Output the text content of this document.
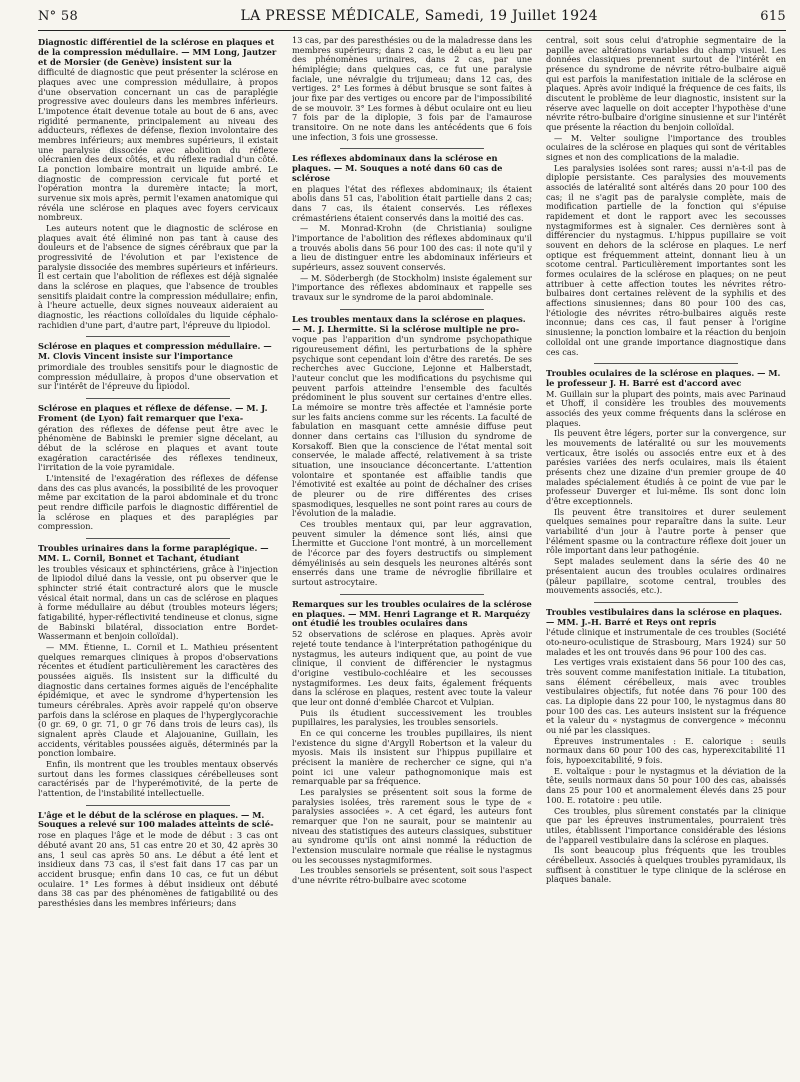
N° 58	LA PRESSE MÉDICALE, Samedi, 19 Juillet 1924	615
Diagnostic différentiel de la sclérose en plaques et de la compression médullaire. — MM Long, Jautzer et de Morsier (de Genève) insistent sur la

difficulté de diagnostic que peut présenter la sclérose en plaques avec une compression médullaire, à propos d'une observation concernant un cas de paraplégie progressive avec douleurs dans les membres inférieurs. L'impotence était devenue totale au bout de 6 ans, avec rigidité permanente, principalement au niveau des adducteurs, réflexes de défense, flexion involontaire des membres inférieurs; aux membres supérieurs, il existait une paralysie dissociée avec abolition du réflexe olécranien des deux côtés, et du réflexe radial d'un côté. La ponction lombaire montrait un liquide ambré. Le diagnostic de compression cervicale fut porté et l'opération montra la duremère intacte; la mort, survenue six mois après, permit l'examen anatomique qui révéla une sclérose en plaques avec foyers cervicaux nombreux.

Les auteurs notent que le diagnostic de sclérose en plaques avait été éliminé non pas tant à cause des douleurs et de l'absence de signes cérébraux que par la progressivité de l'évolution et par l'existence de paralysie dissociée des membres supérieurs et inférieurs. Il est certain que l'abolition de réflexes est déjà signalée dans la sclérose en plaques, que l'absence de troubles sensitifs plaidait contre la compression médullaire; enfin, à l'heure actuelle, deux signes nouveaux aideraient au diagnostic, les réactions colloïdales du liquide céphalo-rachidien d'une part, d'autre part, l'épreuve du lipiodol.

Sclérose en plaques et compression médullaire. — M. Clovis Vincent insiste sur l'importance

primordiale des troubles sensitifs pour le diagnostic de compression médullaire, à propos d'une observation et sur l'intérêt de l'épreuve du lipiodol.

Sclérose en plaques et réflexe de défense. — M. J. Froment (de Lyon) fait remarquer que l'exa-

gération des réflexes de défense peut être avec le phénomène de Babinski le premier signe décelant, au début de la sclérose en plaques et avant toute exagération caractérisée des réflexes tendineux, l'irritation de la voie pyramidale.

L'intensité de l'exagération des réflexes de défense dans des cas plus avancés, la possibilité de les provoquer même par excitation de la paroi abdominale et du tronc peut rendre difficile parfois le diagnostic différentiel de la sclérose en plaques et des paraplégies par compression.

Troubles urinaires dans la forme paraplégique. — MM. L. Cornil, Bonnet et Tachant, étudiant

les troubles vésicaux et sphinctériens, grâce à l'injection de lipiodol dilué dans la vessie, ont pu observer que le sphincter strié était contracturé alors que le muscle vésical était normal, dans un cas de sclérose en plaques à forme médullaire au début (troubles moteurs légers; fatigabilité, hyper-réflectivité tendineuse et clonus, signe de Babinski bilatéral, dissociation entre Bordet-Wassermann et benjoin colloïdal).

— MM. Étienne, L. Cornil et L. Mathieu présentent quelques remarques cliniques à propos d'observations récentes et étudient particulièrement les caractères des poussées aiguës. Ils insistent sur la difficulté du diagnostic dans certaines formes aiguës de l'encéphalite épidémique, et avec le syndrome d'hypertension les tumeurs cérébrales. Après avoir rappelé qu'on observe parfois dans la sclérose en plaques de l'hyperglycorachie (0 gr. 69, 0 gr. 71, 0 gr 76 dans trois de leurs cas), ils signalent après Claude et Alajouanine, Guillain, les accidents, véritables poussées aiguës, déterminés par la ponction lombaire.

Enfin, ils montrent que les troubles mentaux observés surtout dans les formes classiques cérébelleuses sont caractérisés par de l'hyperémotivité, de la perte de l'attention, de l'instabilité intellectuelle.

L'âge et le début de la sclérose en plaques. — M. Souques a relevé sur 100 malades atteints de sclé-

rose en plaques l'âge et le mode de début : 3 cas ont débuté avant 20 ans, 51 cas entre 20 et 30, 42 après 30 ans, 1 seul cas après 50 ans. Le début a été lent et insidieux dans 73 cas, il s'est fait dans 17 cas par un accident brusque; enfin dans 10 cas, ce fut un début oculaire. 1° Les formes à début insidieux ont débuté dans 38 cas par des phénomènes de fatigabilité ou des paresthésies dans les membres inférieurs; dans

13 cas, par des paresthésies ou de la maladresse dans les membres supérieurs; dans 2 cas, le début a eu lieu par des phénomènes urinaires, dans 2 cas, par une hémiplégie; dans quelques cas, ce fut une paralysie faciale, une névralgie du trijumeau; dans 12 cas, des vertiges. 2° Les formes à début brusque se sont faites à jour fixe par des vertiges ou encore par de l'impossibilité de se mouvoir. 3° Les formes à début oculaire ont eu lieu 7 fois par de la diplopie, 3 fois par de l'amaurose transitoire. On ne note dans les antécédents que 6 fois une infection, 3 fois une grossesse.

Les réflexes abdominaux dans la sclérose en plaques. — M. Souques a noté dans 60 cas de sclérose

en plaques l'état des réflexes abdominaux; ils étaient abolis dans 51 cas, l'abolition était partielle dans 2 cas; dans 7 cas, ils étaient conservés. Les réflexes crémastériens étaient conservés dans la moitié des cas.

— M. Monrad-Krohn (de Christiania) souligne l'importance de l'abolition des réflexes abdominaux qu'il a trouvés abolis dans 56 pour 100 des cas: il note qu'il y a lieu de distinguer entre les abdominaux inférieurs et supérieurs, assez souvent conservés.

— M. Söderbergh (de Stockholm) insiste également sur l'importance des réflexes abdominaux et rappelle ses travaux sur le syndrome de la paroi abdominale.

Les troubles mentaux dans la sclérose en plaques. — M. J. Lhermitte. Si la sclérose multiple ne pro-

voque pas l'apparition d'un syndrome psychopathique rigoureusement défini, les perturbations de la sphère psychique sont cependant loin d'être des raretés. De ses recherches avec Guccione, Lejonne et Halberstadt, l'auteur conclut que les modifications du psychisme qui peuvent parfois atteindre l'ensemble des facultés prédominent le plus souvent sur certaines d'entre elles. La mémoire se montre très affectée et l'amnésie porte sur les faits anciens comme sur les récents. La faculté de fabulation en masquant cette amnésie diffuse peut donner dans certains cas l'illusion du syndrome de Korsakoff. Bien que la conscience de l'état mental soit conservée, le malade affecté, relativement à sa triste situation, une insouciance déconcertante. L'attention volontaire et spontanée est affaiblie tandis que l'émotivité est exaltée au point de déchaîner des crises de pleurer ou de rire différentes des crises spasmodiques, lesquelles ne sont point rares au cours de l'évolution de la maladie.

Ces troubles mentaux qui, par leur aggravation, peuvent simuler la démence sont liés, ainsi que Lhermitte et Guccione l'ont montré, à un morcellement de l'écorce par des foyers destructifs ou simplement démyélinisés au sein desquels les neurones altérés sont enserrés dans une trame de névroglie fibrillaire et surtout astrocytaire.

Remarques sur les troubles oculaires de la sclérose en plaques. — MM. Henri Lagrange et R. Marquézy ont étudié les troubles oculaires dans

52 observations de sclérose en plaques. Après avoir rejeté toute tendance à l'interprétation pathogénique du nystagmus, les auteurs indiquent que, au point de vue clinique, il convient de différencier le nystagmus d'origine vestibulo-cochléaire et les secousses nystagmiformes. Les deux faits, également fréquents dans la sclérose en plaques, restent avec toute la valeur que leur ont donné d'emblée Charcot et Vulpian.

Puis ils étudient successivement les troubles pupillaires, les paralysies, les troubles sensoriels.

En ce qui concerne les troubles pupillaires, ils nient l'existence du signe d'Argyll Robertson et la valeur du myosis. Mais ils insistent sur l'hippus pupillaire et précisent la manière de rechercher ce signe, qui n'a point ici une valeur pathognomonique mais est remarquable par sa fréquence.

Les paralysies se présentent soit sous la forme de paralysies isolées, très rarement sous le type de « paralysies associées ». A cet égard, les auteurs font remarquer que l'on ne saurait, pour se maintenir au niveau des statistiques des auteurs classiques, substituer au syndrome qu'ils ont ainsi nommé la réduction de l'extension musculaire normale que réalise le nystagmus ou les secousses nystagmiformes.

Les troubles sensoriels se présentent, soit sous l'aspect d'une névrite rétro-bulbaire avec scotome

central, soit sous celui d'atrophie segmentaire de la papille avec altérations variables du champ visuel. Les données classiques prennent surtout de l'intérêt en présence du syndrome de névrite rétro-bulbaire aiguë qui est parfois la manifestation initiale de la sclérose en plaques. Après avoir indiqué la fréquence de ces faits, ils discutent le problème de leur diagnostic, insistent sur la réserve avec laquelle on doit accepter l'hypothèse d'une névrite rétro-bulbaire d'origine sinusienne et sur l'intérêt que présente la réaction du benjoin colloïdal.

— M. Velter souligne l'importance des troubles oculaires de la sclérose en plaques qui sont de véritables signes et non des complications de la maladie.

Les paralysies isolées sont rares; aussi n'a-t-il pas de diplopie persistante. Ces paralysies des mouvements associés de latéralité sont altérés dans 20 pour 100 des cas; il ne s'agit pas de paralysie complète, mais de modification partielle de la fonction qui s'épuise rapidement et dont le rapport avec les secousses nystagmiformes est à signaler. Ces dernières sont à différencier du nystagmus. L'hippus pupillaire se voit souvent en dehors de la sclérose en plaques. Le nerf optique est fréquemment atteint, donnant lieu à un scotome central. Particulièrement importantes sont les formes oculaires de la sclérose en plaques; on ne peut attribuer à cette affection toutes les névrites rétro-bulbaires dont certaines relèvent de la syphilis et des affections sinusiennes; dans 80 pour 100 des cas, l'étiologie des névrites rétro-bulbaires aiguës reste inconnue; dans ces cas, il faut penser à l'origine sinusienne; la ponction lombaire et la réaction du benjoin colloïdal ont une grande importance diagnostique dans ces cas.

Troubles oculaires de la sclérose en plaques. — M. le professeur J. H. Barré est d'accord avec

M. Guillain sur la plupart des points, mais avec Parinaud et Uhoff, il considère les troubles des mouvements associés des yeux comme fréquents dans la sclérose en plaques.

Ils peuvent être légers, porter sur la convergence, sur les mouvements de latéralité ou sur les mouvements verticaux, être isolés ou associés entre eux et à des parésies variées des nerfs oculaires, mais ils étaient présents chez une dizaine d'un premier groupe de 40 malades spécialement étudiés à ce point de vue par le professeur Duverger et lui-même. Ils sont donc loin d'être exceptionnels.

Ils peuvent être transitoires et durer seulement quelques semaines pour reparaître dans la suite. Leur variabilité d'un jour à l'autre porte à penser que l'élément spasme ou la contracture réflexe doit jouer un rôle important dans leur pathogénie.

Sept malades seulement dans la série des 40 ne présentaient aucun des troubles oculaires ordinaires (pâleur papillaire, scotome central, troubles des mouvements associés, etc.).

Troubles vestibulaires dans la sclérose en plaques. — MM. J.-H. Barré et Reys ont repris

l'étude clinique et instrumentale de ces troubles (Société oto-neuro-oculistique de Strasbourg, Mars 1924) sur 50 malades et les ont trouvés dans 96 pour 100 des cas.

Les vertiges vrais existaient dans 56 pour 100 des cas, très souvent comme manifestation initiale. La titubation, sans élément cérébelleux, mais avec troubles vestibulaires objectifs, fut notée dans 76 pour 100 des cas. La diplopie dans 22 pour 100, le nystagmus dans 80 pour 100 des cas. Les auteurs insistent sur la fréquence et la valeur du « nystagmus de convergence » méconnu ou nié par les classiques.

Épreuves instrumentales : E. calorique : seuils normaux dans 60 pour 100 des cas, hyperexcitabilité 11 fois, hypoexcitabilité, 9 fois.

E. voltaïque : pour le nystagmus et la déviation de la tête, seuils normaux dans 50 pour 100 des cas, abaissés dans 25 pour 100 et anormalement élevés dans 25 pour 100. E. rotatoire : peu utile.

Ces troubles, plus sûrement constatés par la clinique que par les épreuves instrumentales, pourraient très utiles, établissent l'importance considérable des lésions de l'appareil vestibulaire dans la sclérose en plaques.

Ils sont beaucoup plus fréquents que les troubles cérébelleux. Associés à quelques troubles pyramidaux, ils suffisent à constituer le type clinique de la sclérose en plaques banale.
